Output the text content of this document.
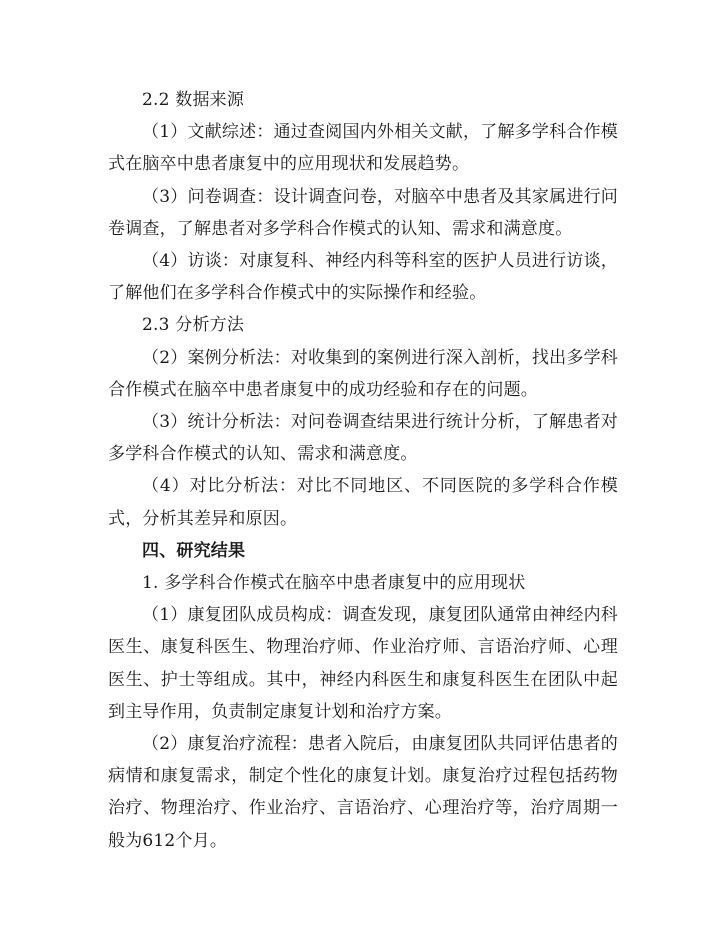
2.2 数据来源

（1）文献综述：通过查阅国内外相关文献，了解多学科合作模式在脑卒中患者康复中的应用现状和发展趋势。

（3）问卷调查：设计调查问卷，对脑卒中患者及其家属进行问卷调查，了解患者对多学科合作模式的认知、需求和满意度。

（4）访谈：对康复科、神经内科等科室的医护人员进行访谈，了解他们在多学科合作模式中的实际操作和经验。

2.3 分析方法

（2）案例分析法：对收集到的案例进行深入剖析，找出多学科合作模式在脑卒中患者康复中的成功经验和存在的问题。

（3）统计分析法：对问卷调查结果进行统计分析，了解患者对多学科合作模式的认知、需求和满意度。

（4）对比分析法：对比不同地区、不同医院的多学科合作模式，分析其差异和原因。

四、研究结果

1. 多学科合作模式在脑卒中患者康复中的应用现状

（1）康复团队成员构成：调查发现，康复团队通常由神经内科医生、康复科医生、物理治疗师、作业治疗师、言语治疗师、心理医生、护士等组成。其中，神经内科医生和康复科医生在团队中起到主导作用，负责制定康复计划和治疗方案。

（2）康复治疗流程：患者入院后，由康复团队共同评估患者的病情和康复需求，制定个性化的康复计划。康复治疗过程包括药物治疗、物理治疗、作业治疗、言语治疗、心理治疗等，治疗周期一般为612个月。
